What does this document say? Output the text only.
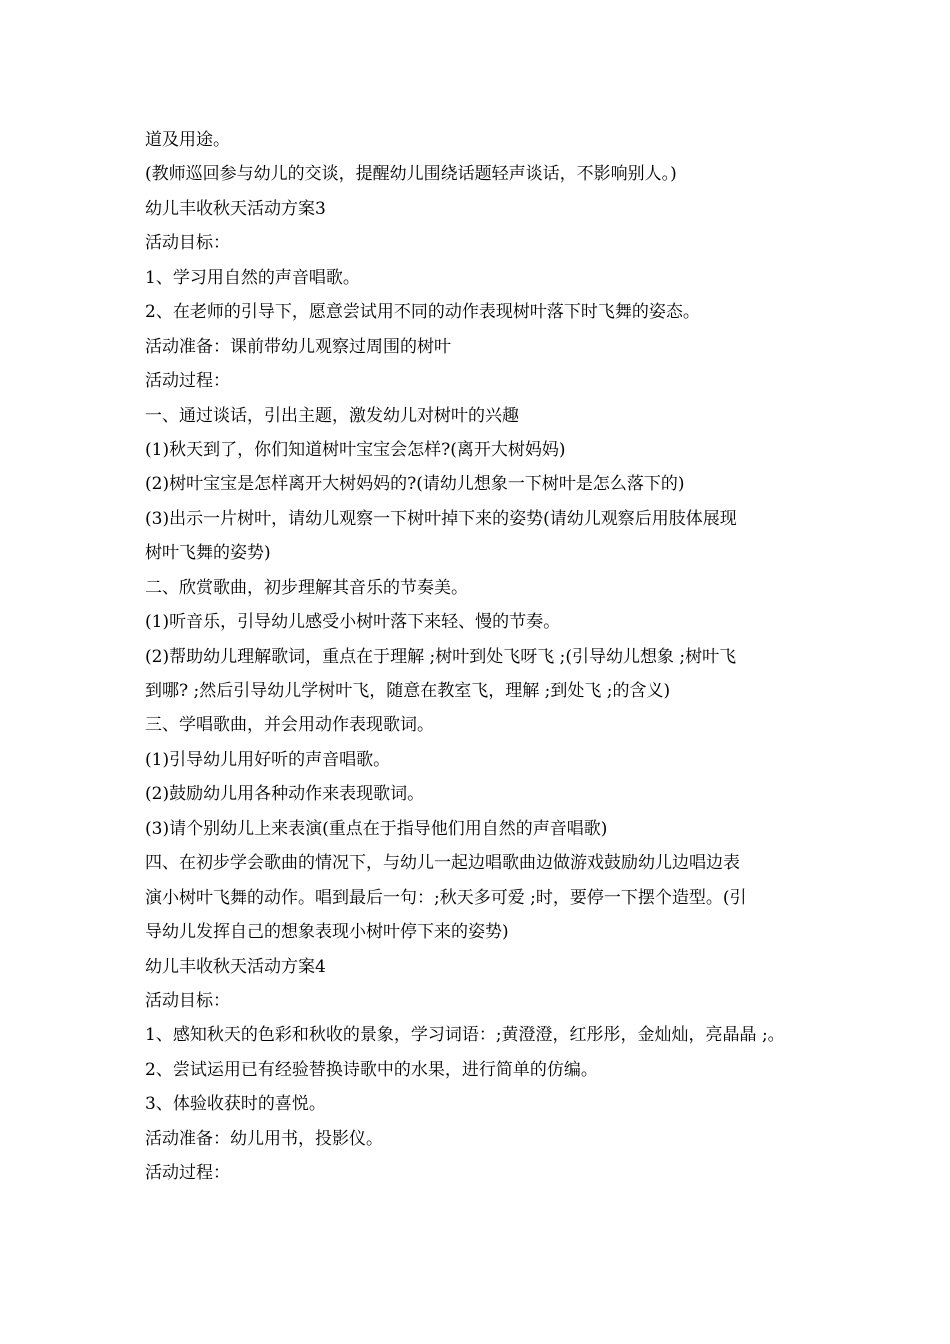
道及用途。
(教师巡回参与幼儿的交谈，提醒幼儿围绕话题轻声谈话，不影响别人。)
幼儿丰收秋天活动方案3
活动目标：
1、学习用自然的声音唱歌。
2、在老师的引导下，愿意尝试用不同的动作表现树叶落下时飞舞的姿态。
活动准备：课前带幼儿观察过周围的树叶
活动过程：
一、通过谈话，引出主题，激发幼儿对树叶的兴趣
(1)秋天到了，你们知道树叶宝宝会怎样?(离开大树妈妈)
(2)树叶宝宝是怎样离开大树妈妈的?(请幼儿想象一下树叶是怎么落下的)
(3)出示一片树叶，请幼儿观察一下树叶掉下来的姿势(请幼儿观察后用肢体展现
树叶飞舞的姿势)
二、欣赏歌曲，初步理解其音乐的节奏美。
(1)听音乐，引导幼儿感受小树叶落下来轻、慢的节奏。
(2)帮助幼儿理解歌词，重点在于理解 ;树叶到处飞呀飞 ;(引导幼儿想象 ;树叶飞
到哪? ;然后引导幼儿学树叶飞，随意在教室飞，理解 ;到处飞 ;的含义)
三、学唱歌曲，并会用动作表现歌词。
(1)引导幼儿用好听的声音唱歌。
(2)鼓励幼儿用各种动作来表现歌词。
(3)请个别幼儿上来表演(重点在于指导他们用自然的声音唱歌)
四、在初步学会歌曲的情况下，与幼儿一起边唱歌曲边做游戏鼓励幼儿边唱边表
演小树叶飞舞的动作。唱到最后一句：;秋天多可爱 ;时，要停一下摆个造型。(引
导幼儿发挥自己的想象表现小树叶停下来的姿势)
幼儿丰收秋天活动方案4
活动目标：
1、感知秋天的色彩和秋收的景象，学习词语：;黄澄澄，红彤彤，金灿灿，亮晶晶 ;。
2、尝试运用已有经验替换诗歌中的水果，进行简单的仿编。
3、体验收获时的喜悦。
活动准备：幼儿用书，投影仪。
活动过程：
